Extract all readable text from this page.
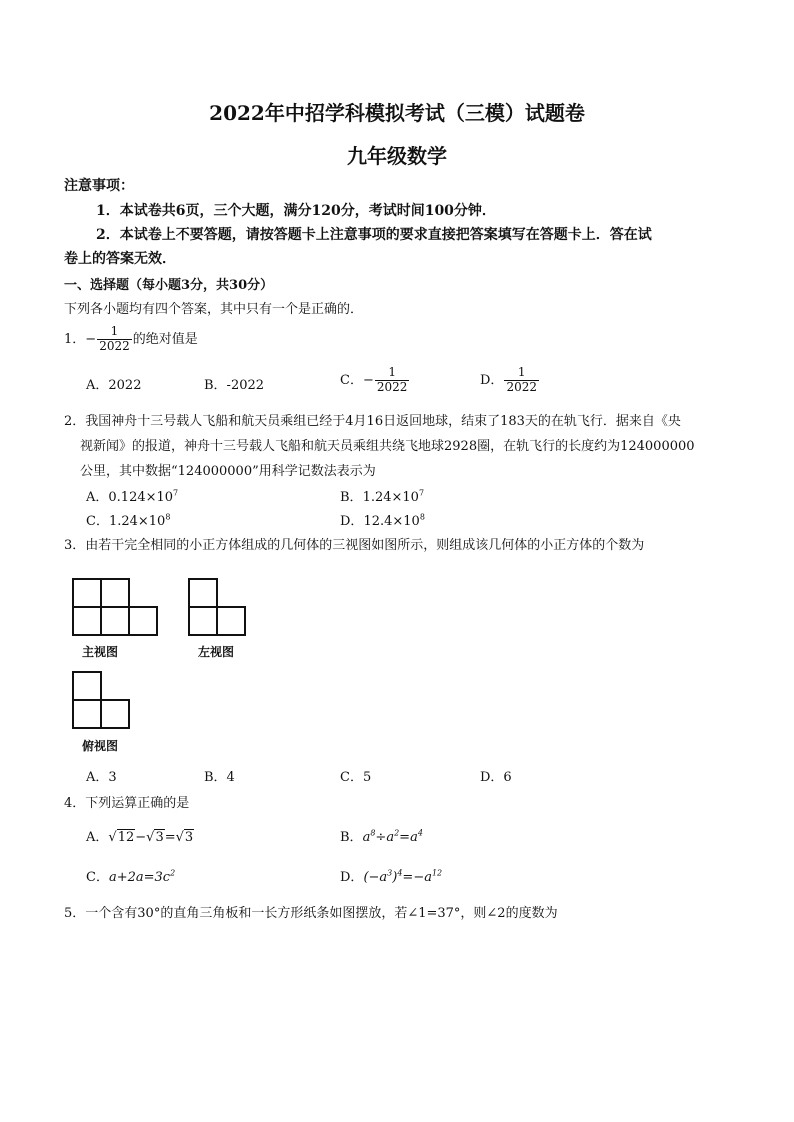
2022年中招学科模拟考试（三模）试题卷
九年级数学
注意事项：
1．本试卷共6页，三个大题，满分120分，考试时间100分钟．
2．本试卷上不要答题，请按答题卡上注意事项的要求直接把答案填写在答题卡上．答在试
卷上的答案无效．
一、选择题（每小题3分，共30分）
下列各小题均有四个答案，其中只有一个是正确的．
1．− $\frac{1}{2022}$ 的绝对值是
A．2022	B．-2022	C．− $\frac{1}{2022}$	D． $\frac{1}{2022}$
2．我国神舟十三号载人飞船和航天员乘组已经于4月16日返回地球，结束了183天的在轨飞行．据来自《央
视新闻》的报道，神舟十三号载人飞船和航天员乘组共绕飞地球2928圈，在轨飞行的长度约为124000000
公里，其中数据“124000000”用科学记数法表示为
A．$0.124\times 10^7$	B．$1.24\times 10^7$
C．$1.24\times 10^8$	D．$12.4\times 10^8$
3．由若干完全相同的小正方体组成的几何体的三视图如图所示，则组成该几何体的小正方体的个数为
主视图	左视图
俯视图
A．3	B．4	C．5	D．6
4．下列运算正确的是
A．√12−√3=√3	B．$a^8\div a^2=a^4$
C．$a+2a=3c^2$	D．$(-a^3)^4=-a^{12}$
5．一个含有30°的直角三角板和一长方形纸条如图摆放，若∠1=37°，则∠2的度数为
